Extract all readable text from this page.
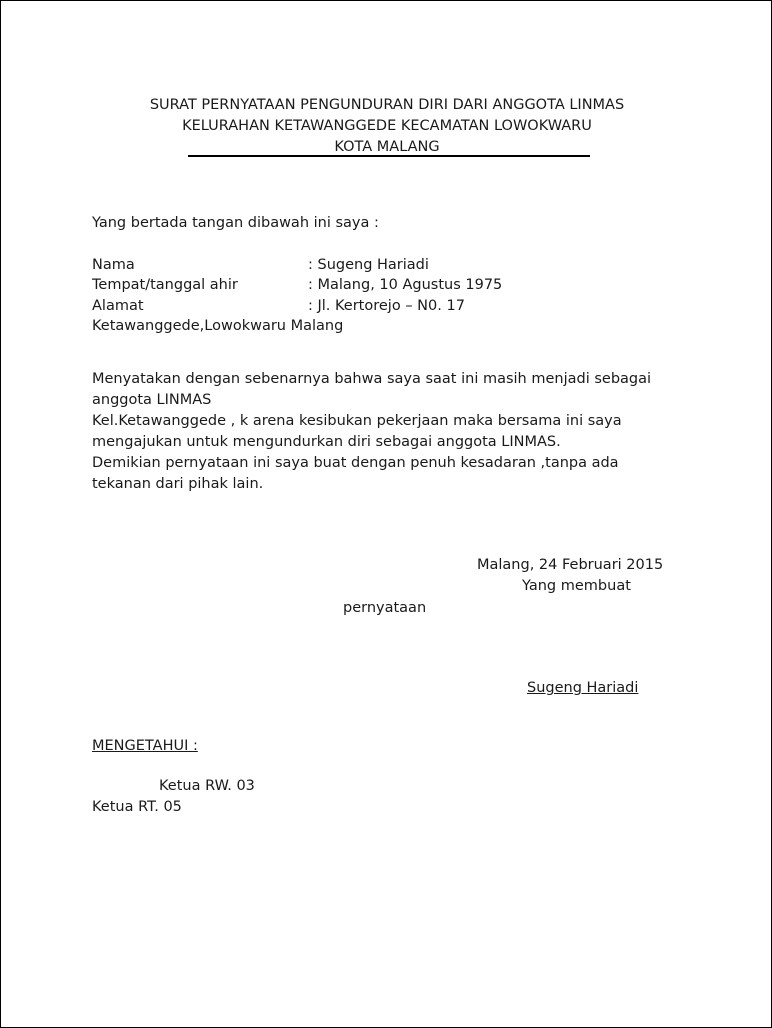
SURAT PERNYATAAN PENGUNDURAN DIRI DARI ANGGOTA LINMAS
KELURAHAN KETAWANGGEDE KECAMATAN LOWOKWARU
KOTA MALANG
Yang bertada tangan dibawah ini saya :
Nama	: Sugeng Hariadi
Tempat/tanggal ahir	: Malang, 10 Agustus 1975
Alamat	: Jl. Kertorejo – N0. 17
Ketawanggede,Lowokwaru Malang
Menyatakan dengan sebenarnya bahwa saya saat ini masih menjadi sebagai
anggota LINMAS
Kel.Ketawanggede , k arena kesibukan pekerjaan maka bersama ini saya
mengajukan untuk mengundurkan diri sebagai anggota LINMAS.
Demikian pernyataan ini saya buat dengan penuh kesadaran ,tanpa ada
tekanan dari pihak lain.
Malang, 24 Februari 2015
Yang membuat
pernyataan
Sugeng Hariadi
MENGETAHUI :
Ketua RW. 03
Ketua RT. 05
